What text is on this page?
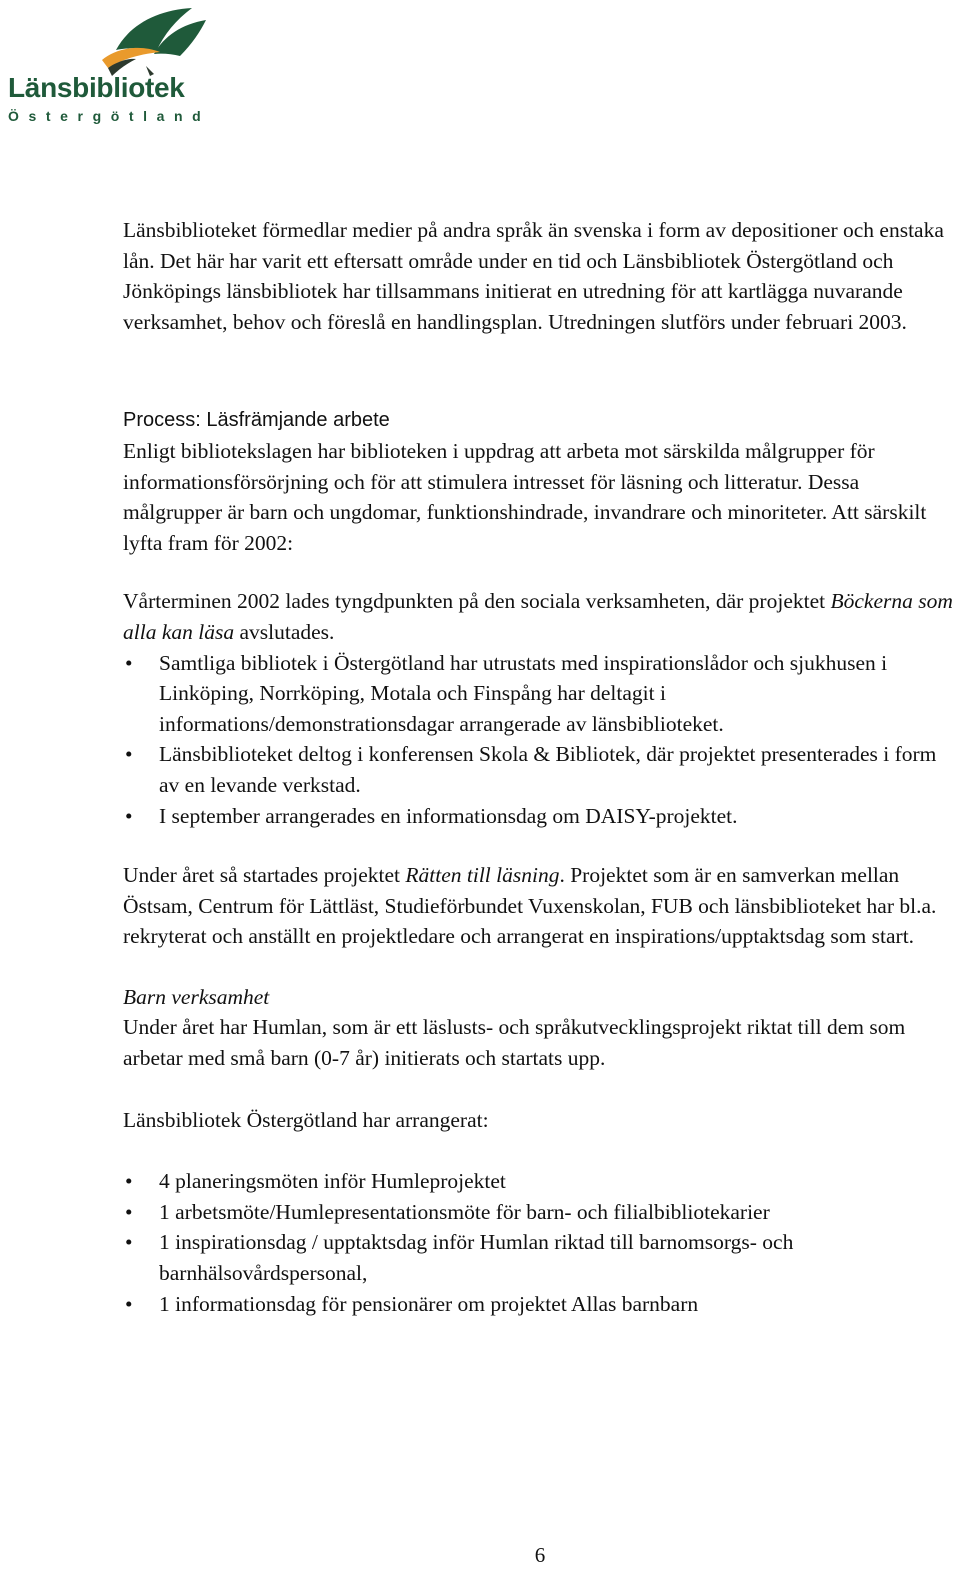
Länsbibliotek
Östergötland

Länsbiblioteket förmedlar medier på andra språk än svenska i form av depositioner och enstaka lån. Det här har varit ett eftersatt område under en tid och Länsbibliotek Östergötland och Jönköpings länsbibliotek har tillsammans initierat en utredning för att kartlägga nuvarande verksamhet, behov och föreslå en handlingsplan. Utredningen slutförs under februari 2003.

Process: Läsfrämjande arbete

Enligt bibliotekslagen har biblioteken i uppdrag att arbeta mot särskilda målgrupper för informationsförsörjning och för att stimulera intresset för läsning och litteratur. Dessa målgrupper är barn och ungdomar, funktionshindrade, invandrare och minoriteter. Att särskilt lyfta fram för 2002:

Vårterminen 2002 lades tyngdpunkten på den sociala verksamheten, där projektet Böckerna som alla kan läsa avslutades.

• Samtliga bibliotek i Östergötland har utrustats med inspirationslådor och sjukhusen i Linköping, Norrköping, Motala och Finspång har deltagit i informations/demonstrationsdagar arrangerade av länsbiblioteket.
• Länsbiblioteket deltog i konferensen Skola & Bibliotek, där projektet presenterades i form av en levande verkstad.
• I september arrangerades en informationsdag om DAISY-projektet.

Under året så startades projektet Rätten till läsning. Projektet som är en samverkan mellan Östsam, Centrum för Lättläst, Studieförbundet Vuxenskolan, FUB och länsbiblioteket har bl.a. rekryterat och anställt en projektledare och arrangerat en inspirations/upptaktsdag som start.

Barn verksamhet

Under året har Humlan, som är ett läslusts- och språkutvecklingsprojekt riktat till dem som arbetar med små barn (0-7 år) initierats och startats upp.

Länsbibliotek Östergötland har arrangerat:

• 4 planeringsmöten inför Humleprojektet
• 1 arbetsmöte/Humlepresentationsmöte för barn- och filialbibliotekarier
• 1 inspirationsdag / upptaktsdag inför Humlan riktad till barnomsorgs- och barnhälsovårdspersonal,
• 1 informationsdag för pensionärer om projektet Allas barnbarn
6
